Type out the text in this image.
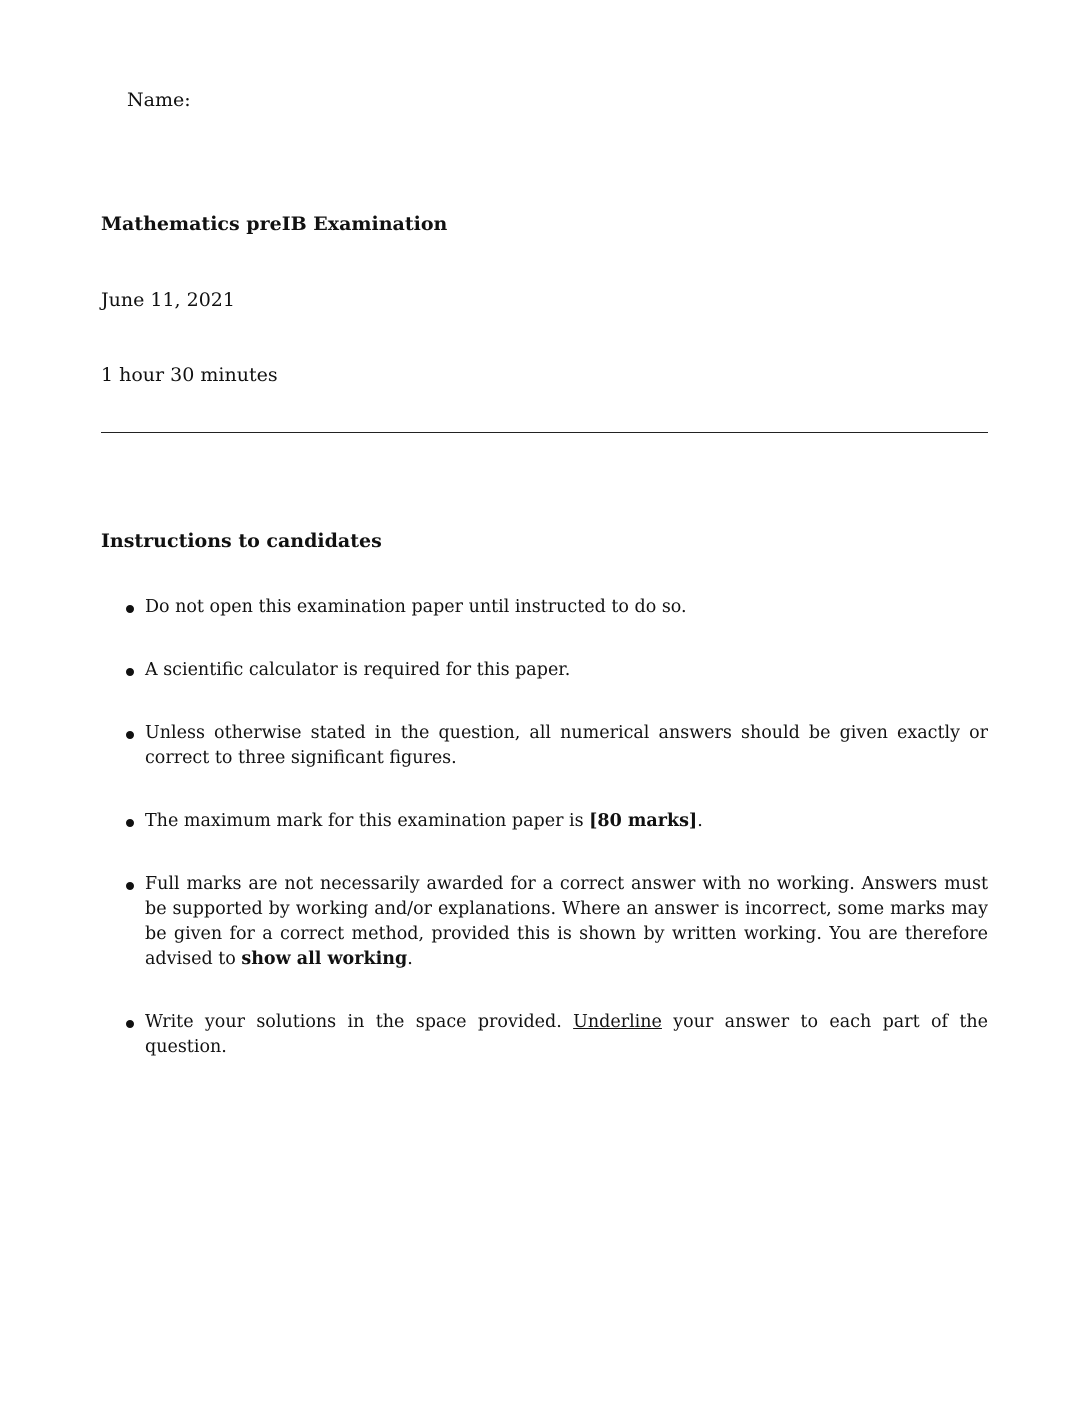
Name:
Mathematics preIB Examination
June 11, 2021
1 hour 30 minutes
Instructions to candidates
Do not open this examination paper until instructed to do so.
A scientific calculator is required for this paper.
Unless otherwise stated in the question, all numerical answers should be given exactly or correct to three significant figures.
The maximum mark for this examination paper is [80 marks].
Full marks are not necessarily awarded for a correct answer with no working. Answers must be supported by working and/or explanations. Where an answer is incorrect, some marks may be given for a correct method, provided this is shown by written working. You are therefore advised to show all working.
Write your solutions in the space provided. Underline your answer to each part of the question.
